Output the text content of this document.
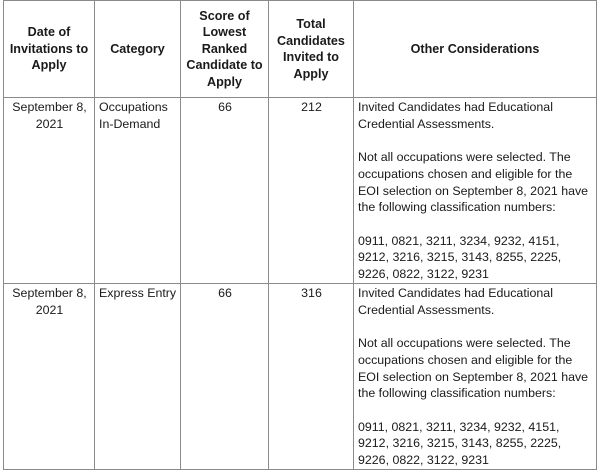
Date of Invitations to Apply	Category	Score of Lowest Ranked Candidate to Apply	Total Candidates Invited to Apply	Other Considerations
September 8, 2021	Occupations In-Demand	66	212	Invited Candidates had Educational Credential Assessments.

Not all occupations were selected. The occupations chosen and eligible for the EOI selection on September 8, 2021 have the following classification numbers:

0911, 0821, 3211, 3234, 9232, 4151, 9212, 3216, 3215, 3143, 8255, 2225, 9226, 0822, 3122, 9231

September 8, 2021	Express Entry	66	316	Invited Candidates had Educational Credential Assessments.

Not all occupations were selected. The occupations chosen and eligible for the EOI selection on September 8, 2021 have the following classification numbers:

0911, 0821, 3211, 3234, 9232, 4151, 9212, 3216, 3215, 3143, 8255, 2225, 9226, 0822, 3122, 9231
